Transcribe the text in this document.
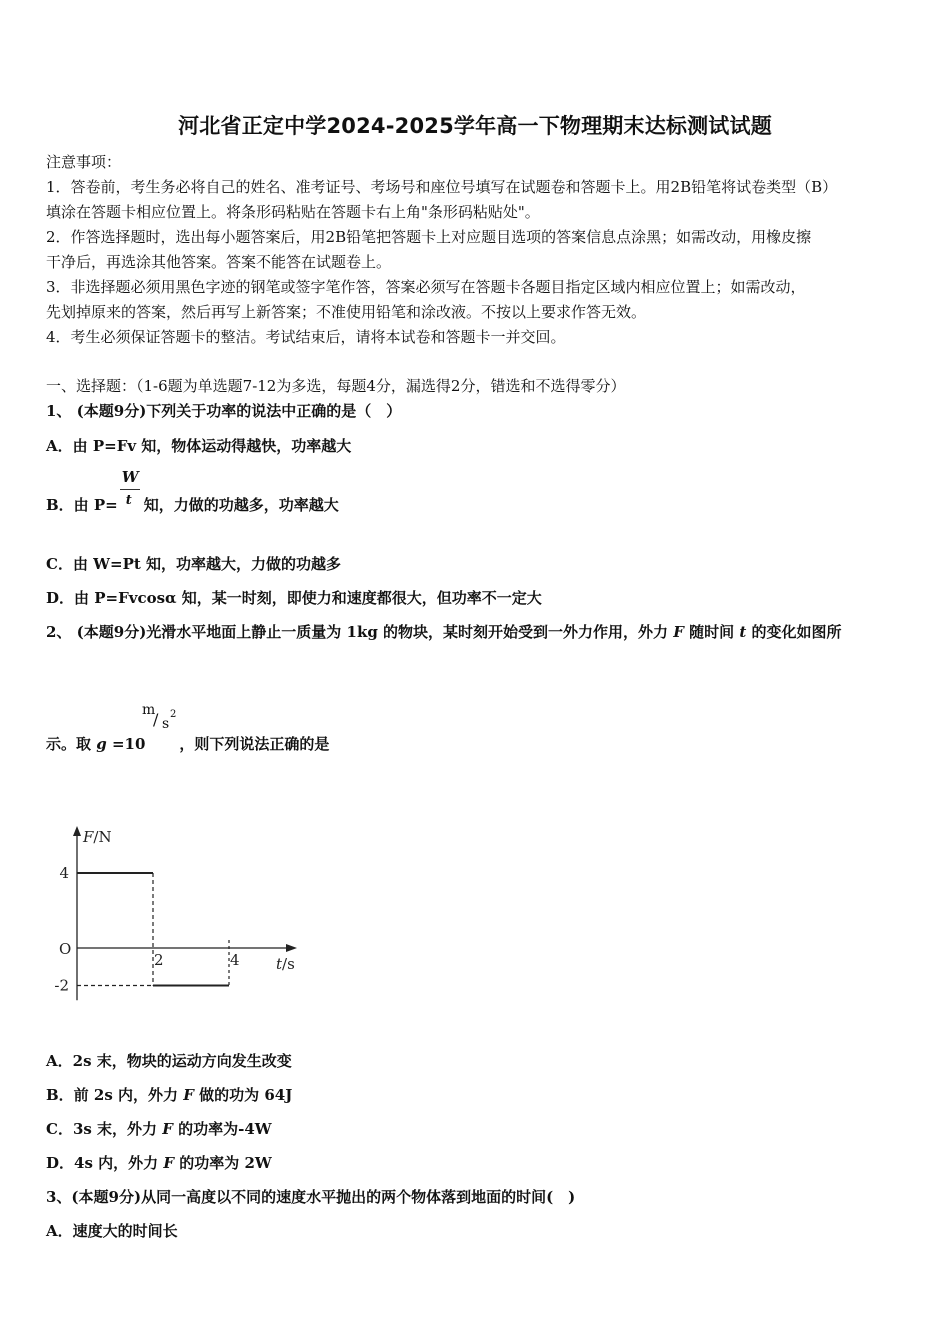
河北省正定中学2024-2025学年高一下物理期末达标测试试题
注意事项：
1．答卷前，考生务必将自己的姓名、准考证号、考场号和座位号填写在试题卷和答题卡上。用2B铅笔将试卷类型（B）
填涂在答题卡相应位置上。将条形码粘贴在答题卡右上角"条形码粘贴处"。
2．作答选择题时，选出每小题答案后，用2B铅笔把答题卡上对应题目选项的答案信息点涂黑；如需改动，用橡皮擦
干净后，再选涂其他答案。答案不能答在试题卷上。
3．非选择题必须用黑色字迹的钢笔或签字笔作答，答案必须写在答题卡各题目指定区域内相应位置上；如需改动，
先划掉原来的答案，然后再写上新答案；不准使用铅笔和涂改液。不按以上要求作答无效。
4．考生必须保证答题卡的整洁。考试结束后，请将本试卷和答题卡一并交回。
一、选择题：（1-6题为单选题7-12为多选，每题4分，漏选得2分，错选和不选得零分）
1、 (本题9分)下列关于功率的说法中正确的是（　）
A．由 P=Fv 知，物体运动得越快，功率越大
B．由 $P= \frac{W}{t}$ 知，力做的功越多，功率越大
C．由 W=Pt 知，功率越大，力做的功越多
D．由 P=Fvcosα 知，某一时刻，即使力和速度都很大，但功率不一定大
2、 (本题9分)光滑水平地面上静止一质量为 1kg 的物块，某时刻开始受到一外力作用，外力 F 随时间 t 的变化如图所
示。取 g =10 ，则下列说法正确的是
m
/ s
2
F/N
t/s
O
4
-2
2	4
A．2s 末，物块的运动方向发生改变
B．前 2s 内，外力 F 做的功为 64J
C．3s 末，外力 F 的功率为-4W
D．4s 内，外力 F 的功率为 2W
3、(本题9分)从同一高度以不同的速度水平抛出的两个物体落到地面的时间(　)
A．速度大的时间长
